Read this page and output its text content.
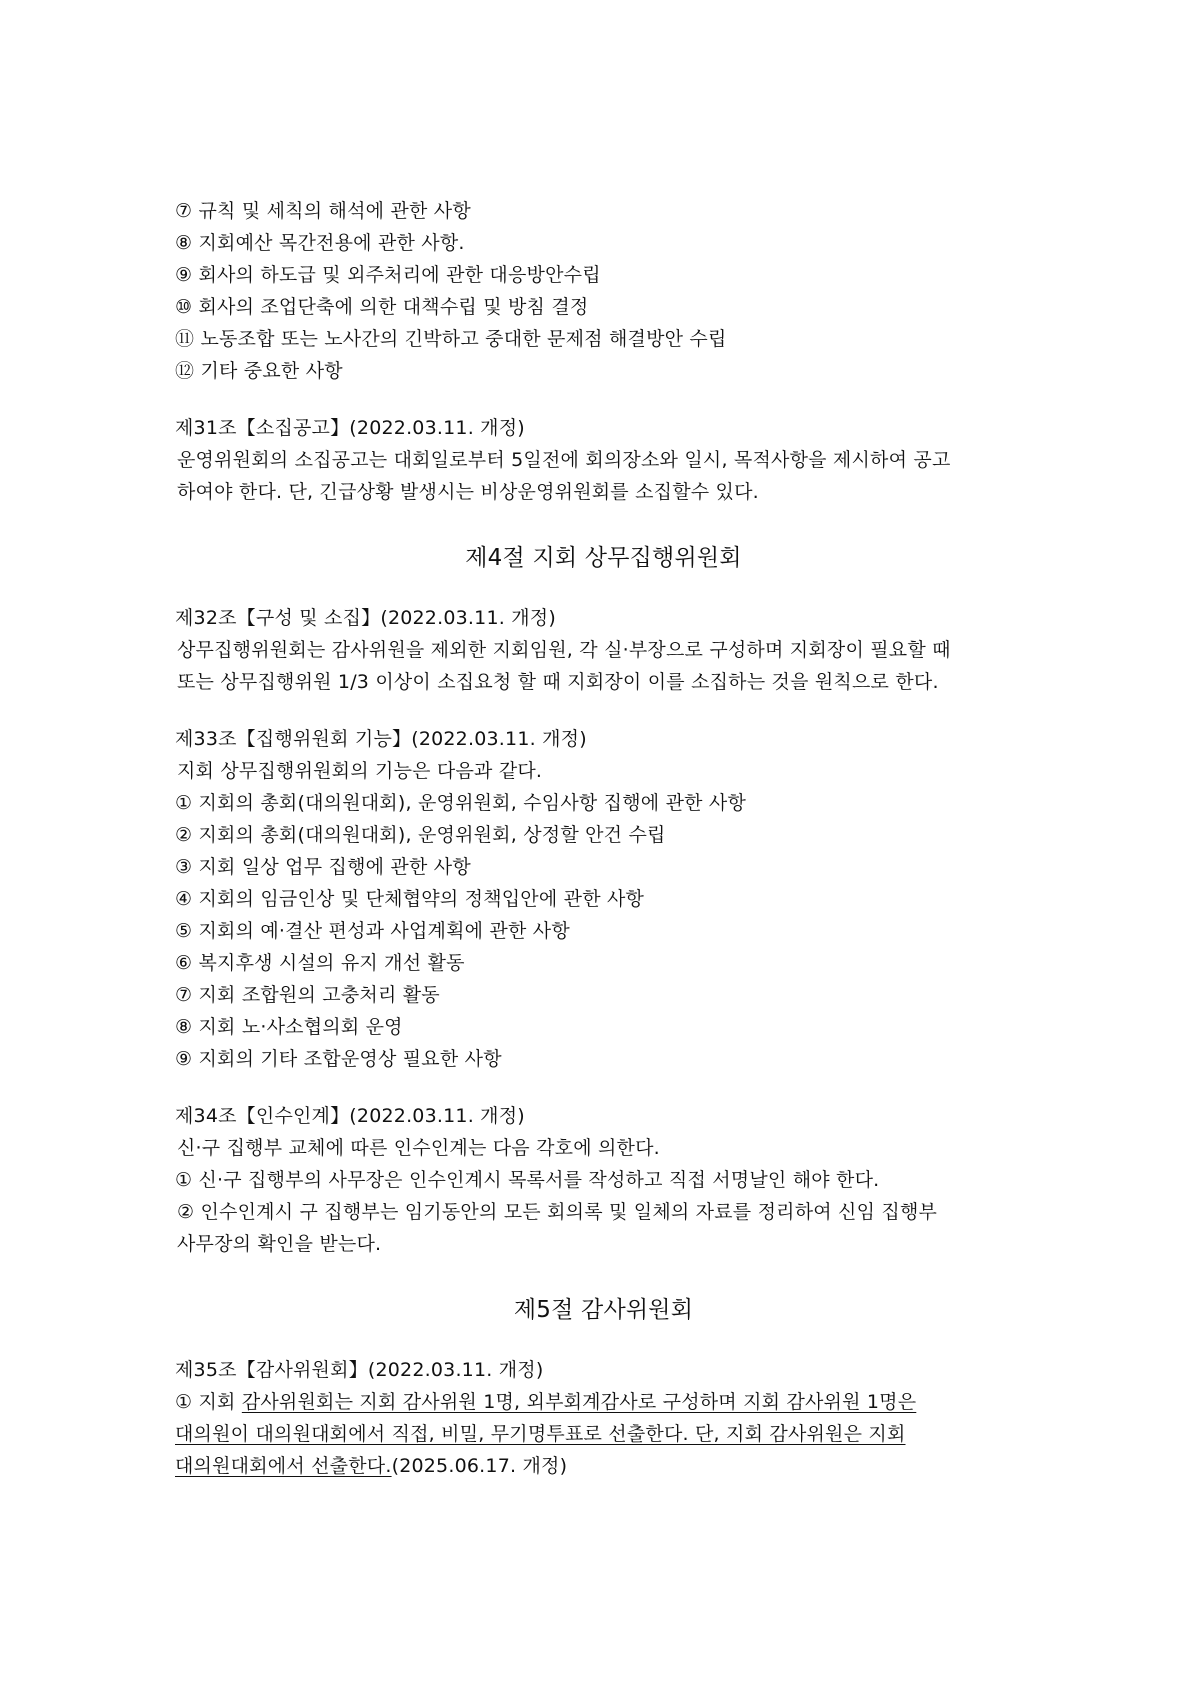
⑦ 규칙 및 세칙의 해석에 관한 사항
⑧ 지회예산 목간전용에 관한 사항.
⑨ 회사의 하도급 및 외주처리에 관한 대응방안수립
⑩ 회사의 조업단축에 의한 대책수립 및 방침 결정
⑪ 노동조합 또는 노사간의 긴박하고 중대한 문제점 해결방안 수립
⑫ 기타 중요한 사항
제31조【소집공고】(2022.03.11. 개정)
운영위원회의 소집공고는 대회일로부터 5일전에 회의장소와 일시, 목적사항을 제시하여 공고
하여야 한다. 단, 긴급상황 발생시는 비상운영위원회를 소집할수 있다.
제4절 지회 상무집행위원회
제32조【구성 및 소집】(2022.03.11. 개정)
상무집행위원회는 감사위원을 제외한 지회임원, 각 실·부장으로 구성하며 지회장이 필요할 때
또는 상무집행위원 1/3 이상이 소집요청 할 때 지회장이 이를 소집하는 것을 원칙으로 한다.
제33조【집행위원회 기능】(2022.03.11. 개정)
지회 상무집행위원회의 기능은 다음과 같다.
① 지회의 총회(대의원대회), 운영위원회, 수임사항 집행에 관한 사항
② 지회의 총회(대의원대회), 운영위원회, 상정할 안건 수립
③ 지회 일상 업무 집행에 관한 사항
④ 지회의 임금인상 및 단체협약의 정책입안에 관한 사항
⑤ 지회의 예·결산 편성과 사업계획에 관한 사항
⑥ 복지후생 시설의 유지 개선 활동
⑦ 지회 조합원의 고충처리 활동
⑧ 지회 노·사소협의회 운영
⑨ 지회의 기타 조합운영상 필요한 사항
제34조【인수인계】(2022.03.11. 개정)
신·구 집행부 교체에 따른 인수인계는 다음 각호에 의한다.
① 신·구 집행부의 사무장은 인수인계시 목록서를 작성하고 직접 서명날인 해야 한다.
② 인수인계시 구 집행부는 임기동안의 모든 회의록 및 일체의 자료를 정리하여 신임 집행부
사무장의 확인을 받는다.
제5절 감사위원회
제35조【감사위원회】(2022.03.11. 개정)
① 지회 감사위원회는 지회 감사위원 1명, 외부회계감사로 구성하며 지회 감사위원 1명은
대의원이 대의원대회에서 직접, 비밀, 무기명투표로 선출한다. 단, 지회 감사위원은 지회
대의원대회에서 선출한다.(2025.06.17. 개정)
